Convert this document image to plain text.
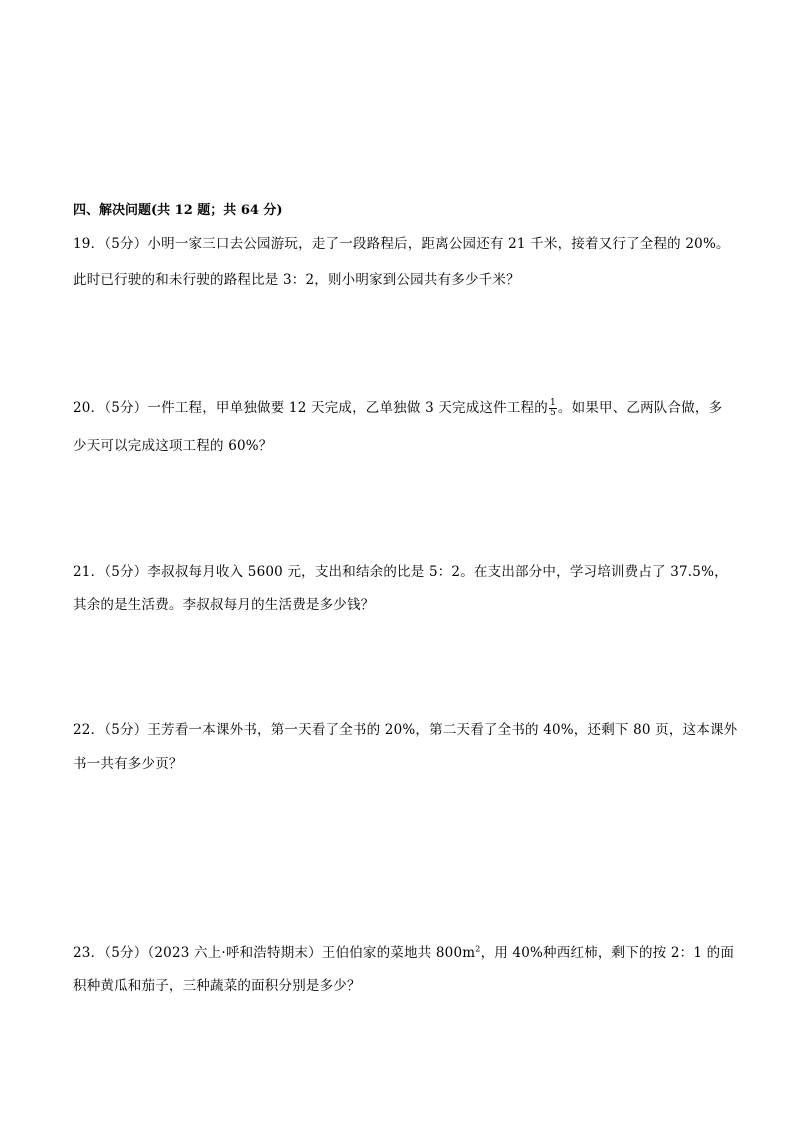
四、解决问题(共 12 题；共 64 分)
19．（5分）小明一家三口去公园游玩，走了一段路程后，距离公园还有 21 千米，接着又行了全程的 20%。
此时已行驶的和未行驶的路程比是 3：2，则小明家到公园共有多少千米？
20．（5分）一件工程，甲单独做要 12 天完成，乙单独做 3 天完成这件工程的 $\frac{1}{5}$ 。如果甲、乙两队合做，多
少天可以完成这项工程的 60%？
21．（5分）李叔叔每月收入 5600 元，支出和结余的比是 5：2。在支出部分中，学习培训费占了 37.5%，
其余的是生活费。李叔叔每月的生活费是多少钱？
22．（5分）王芳看一本课外书，第一天看了全书的 20%，第二天看了全书的 40%，还剩下 80 页，这本课外
书一共有多少页？
23．（5分）（2023 六上·呼和浩特期末）王伯伯家的菜地共 $800m^2$，用 40%种西红柿，剩下的按 2：1 的面
积种黄瓜和茄子，三种蔬菜的面积分别是多少？
